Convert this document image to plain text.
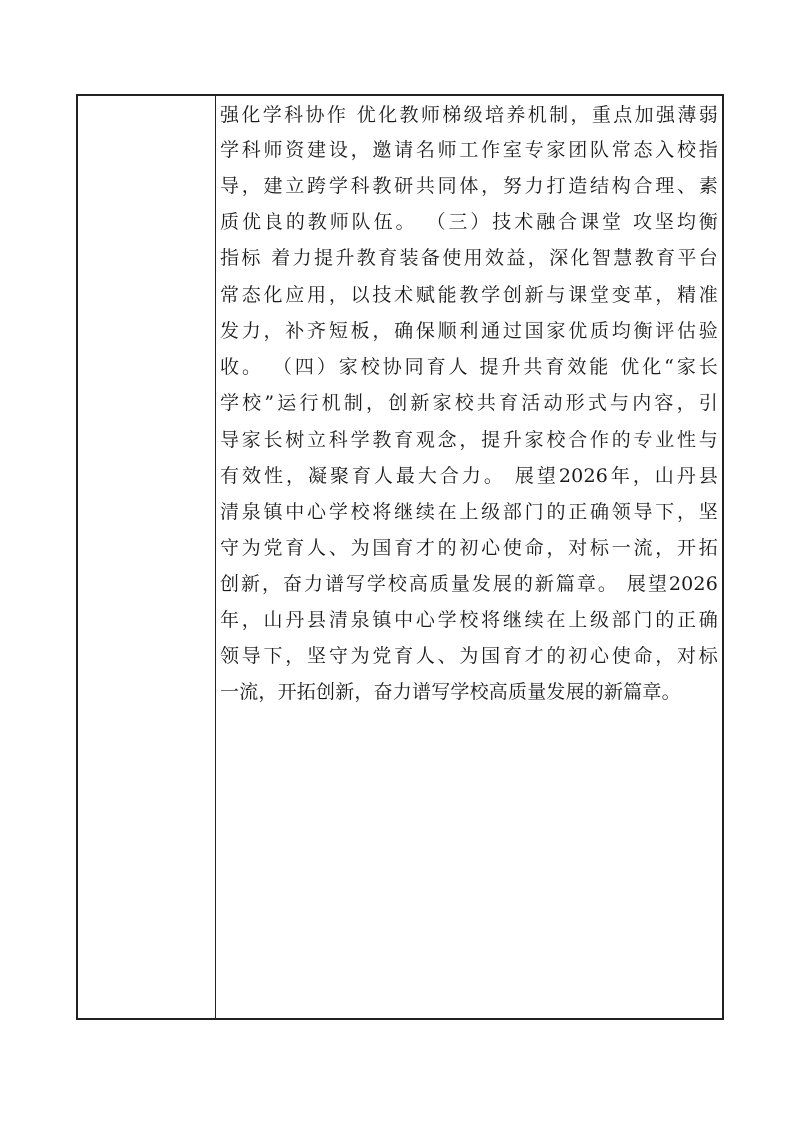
强化学科协作 优化教师梯级培养机制，重点加强薄弱
学科师资建设，邀请名师工作室专家团队常态入校指
导，建立跨学科教研共同体，努力打造结构合理、素
质优良的教师队伍。 （三）技术融合课堂 攻坚均衡
指标 着力提升教育装备使用效益，深化智慧教育平台
常态化应用，以技术赋能教学创新与课堂变革，精准
发力，补齐短板，确保顺利通过国家优质均衡评估验
收。 （四）家校协同育人 提升共育效能 优化“家长
学校”运行机制，创新家校共育活动形式与内容，引
导家长树立科学教育观念，提升家校合作的专业性与
有效性，凝聚育人最大合力。 展望2026年，山丹县
清泉镇中心学校将继续在上级部门的正确领导下，坚
守为党育人、为国育才的初心使命，对标一流，开拓
创新，奋力谱写学校高质量发展的新篇章。 展望2026
年，山丹县清泉镇中心学校将继续在上级部门的正确
领导下，坚守为党育人、为国育才的初心使命，对标
一流，开拓创新，奋力谱写学校高质量发展的新篇章。
